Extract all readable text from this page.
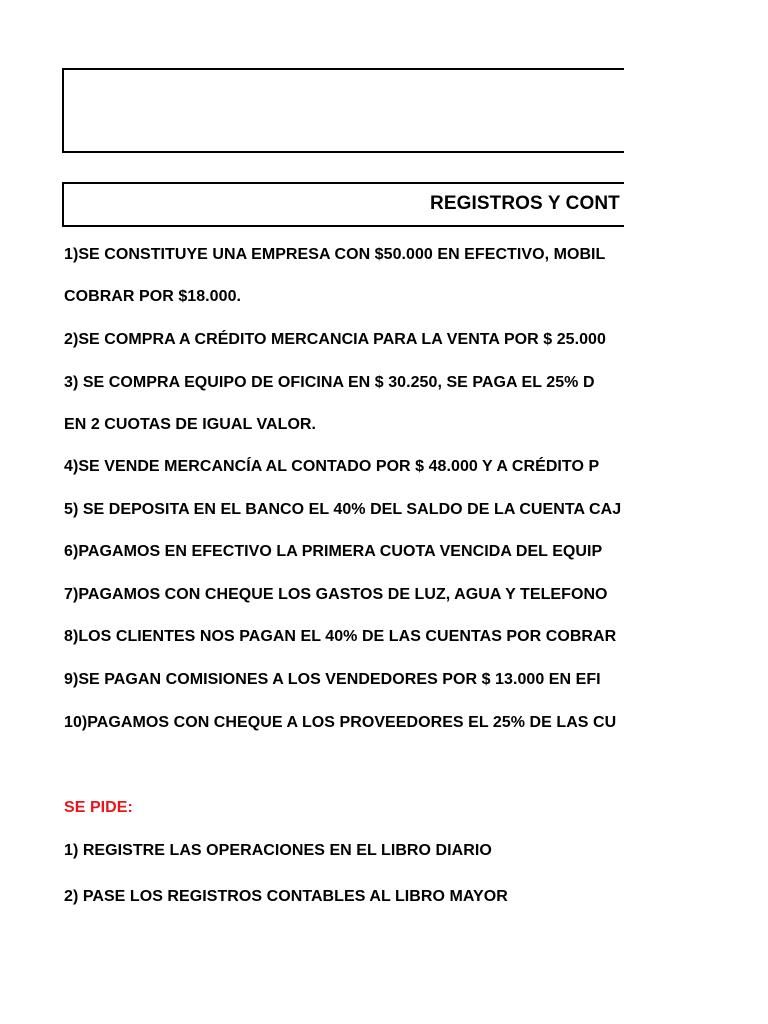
REGISTROS Y CONT
1)SE CONSTITUYE UNA EMPRESA CON $50.000 EN EFECTIVO, MOBIL
COBRAR POR $18.000.
2)SE COMPRA A CRÉDITO MERCANCIA PARA LA VENTA POR $ 25.000
3) SE COMPRA EQUIPO DE OFICINA EN $ 30.250, SE PAGA EL 25% D
EN 2 CUOTAS DE IGUAL VALOR.
4)SE VENDE MERCANCÍA AL CONTADO POR $ 48.000 Y A CRÉDITO P
5) SE DEPOSITA EN EL BANCO EL 40% DEL SALDO DE LA CUENTA CAJ
6)PAGAMOS EN EFECTIVO LA PRIMERA CUOTA VENCIDA DEL EQUIP
7)PAGAMOS CON CHEQUE LOS GASTOS DE LUZ, AGUA Y TELEFONO
8)LOS CLIENTES NOS PAGAN EL 40% DE LAS CUENTAS POR COBRAR
9)SE PAGAN COMISIONES A LOS VENDEDORES POR $ 13.000 EN EFI
10)PAGAMOS CON CHEQUE A LOS PROVEEDORES EL 25% DE LAS CU
SE PIDE:
1) REGISTRE LAS OPERACIONES EN EL LIBRO DIARIO
2) PASE LOS REGISTROS CONTABLES AL LIBRO MAYOR
